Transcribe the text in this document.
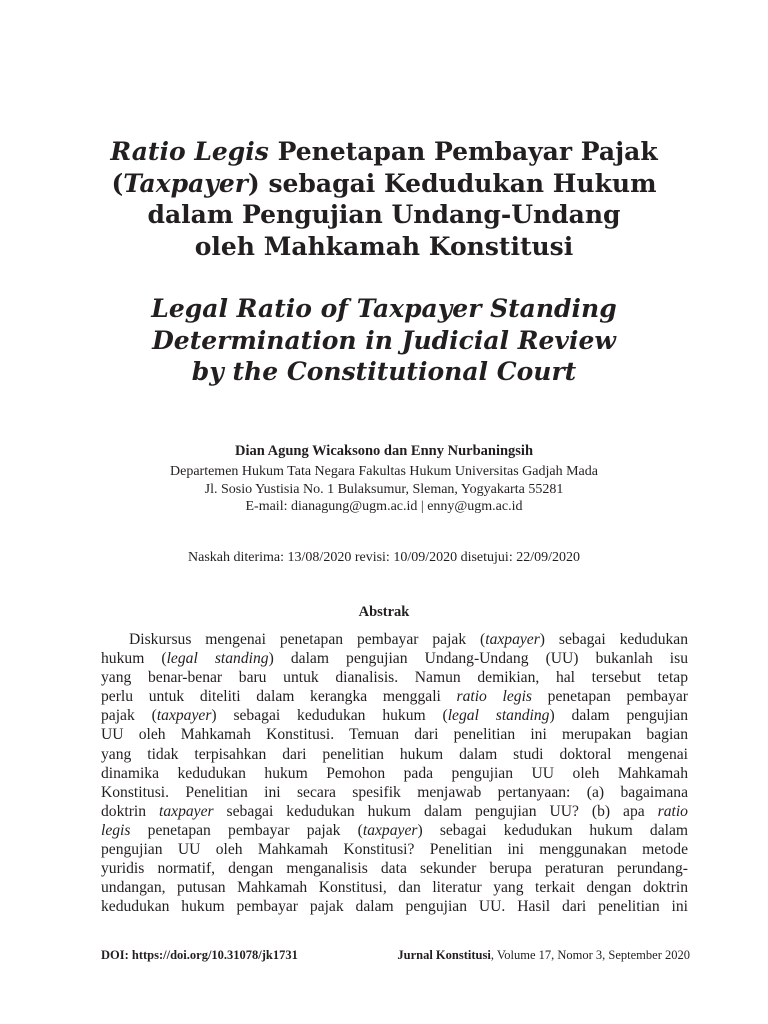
Ratio Legis Penetapan Pembayar Pajak
(Taxpayer) sebagai Kedudukan Hukum
dalam Pengujian Undang-Undang
oleh Mahkamah Konstitusi
Legal Ratio of Taxpayer Standing
Determination in Judicial Review
by the Constitutional Court
Dian Agung Wicaksono dan Enny Nurbaningsih
Departemen Hukum Tata Negara Fakultas Hukum Universitas Gadjah Mada
Jl. Sosio Yustisia No. 1 Bulaksumur, Sleman, Yogyakarta 55281
E-mail: dianagung@ugm.ac.id | enny@ugm.ac.id
Naskah diterima: 13/08/2020 revisi: 10/09/2020 disetujui: 22/09/2020
Abstrak
Diskursus mengenai penetapan pembayar pajak (taxpayer) sebagai kedudukan
hukum (legal standing) dalam pengujian Undang-Undang (UU) bukanlah isu
yang benar-benar baru untuk dianalisis. Namun demikian, hal tersebut tetap
perlu untuk diteliti dalam kerangka menggali ratio legis penetapan pembayar
pajak (taxpayer) sebagai kedudukan hukum (legal standing) dalam pengujian
UU oleh Mahkamah Konstitusi. Temuan dari penelitian ini merupakan bagian
yang tidak terpisahkan dari penelitian hukum dalam studi doktoral mengenai
dinamika kedudukan hukum Pemohon pada pengujian UU oleh Mahkamah
Konstitusi. Penelitian ini secara spesifik menjawab pertanyaan: (a) bagaimana
doktrin taxpayer sebagai kedudukan hukum dalam pengujian UU? (b) apa ratio
legis penetapan pembayar pajak (taxpayer) sebagai kedudukan hukum dalam
pengujian UU oleh Mahkamah Konstitusi? Penelitian ini menggunakan metode
yuridis normatif, dengan menganalisis data sekunder berupa peraturan perundang-
undangan, putusan Mahkamah Konstitusi, dan literatur yang terkait dengan doktrin
kedudukan hukum pembayar pajak dalam pengujian UU. Hasil dari penelitian ini
DOI: https://doi.org/10.31078/jk1731	Jurnal Konstitusi, Volume 17, Nomor 3, September 2020
